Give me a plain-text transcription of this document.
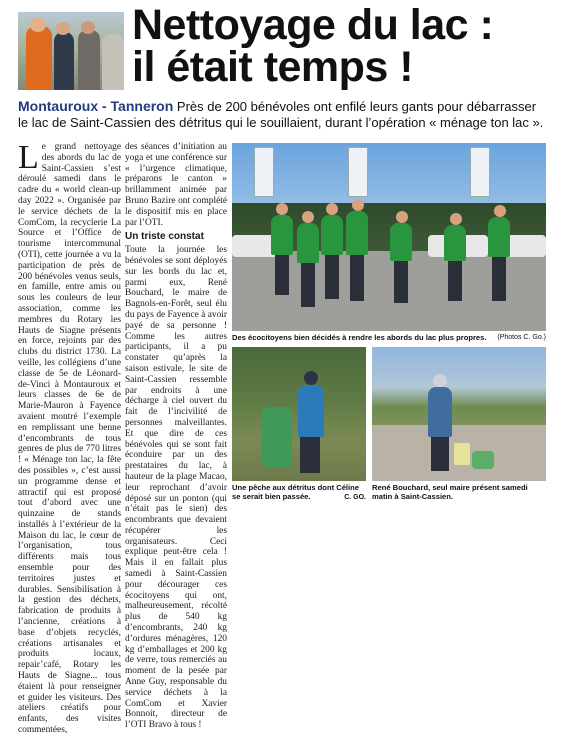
Nettoyage du lac :
il était temps !
Montauroux - Tanneron Près de 200 bénévoles ont enfilé leurs gants pour débarrasser le lac de Saint-Cassien des détritus qui le souillaient, durant l’opération « ménage ton lac ».
L e grand nettoyage des abords du lac de Saint-Cassien s’est déroulé samedi dans le cadre du « world clean-up day 2022 ». Organisée par le service déchets de la ComCom, la recyclerie La Source et l’Office de tourisme intercommunal (OTI), cette journée a vu la participation de près de 200 bénévoles venus seuls, en famille, entre amis ou sous les couleurs de leur association, comme les membres du Rotary les Hauts de Siagne présents en force, rejoints par des clubs du district 1730. La veille, les collégiens d’une classe de 5e de Léonard-de-Vinci à Montauroux et leurs classes de 6e de Marie-Mauron à Fayence avaient montré l’exemple en remplissant une benne d’encombrants de tous genres de plus de 770 litres ! « Ménage ton lac, la fête des possibles », c’est aussi un programme dense et attractif qui est proposé tout d’abord avec une quinzaine de stands installés à l’extérieur de la Maison du lac, le cœur de l’organisation, tous différents mais tous ensemble pour des territoires justes et durables. Sensibilisation à la gestion des déchets, fabrication de produits à l’ancienne, créations à base d’objets recyclés, créations artisanales et produits locaux, repair’café, Rotary les Hauts de Siagne... tous étaient là pour renseigner et guider les visiteurs. Des ateliers créatifs pour enfants, des visites commentées,

des séances d’initiation au yoga et une conférence sur « l’urgence climatique, préparons le canton » brillamment animée par Bruno Bazire ont complété le dispositif mis en place par l’OTI.

Un triste constat

Toute la journée les bénévoles se sont déployés sur les bords du lac et, parmi eux, René Bouchard, le maire de Bagnols-en-Forêt, seul élu du pays de Fayence à avoir payé de sa personne ! Comme les autres participants, il a pu constater qu’après la saison estivale, le site de Saint-Cassien ressemble par endroits à une décharge à ciel ouvert du fait de l’incivilité de personnes malveillantes. Et que dire de ces bénévoles qui se sont fait éconduire par un des prestataires du lac, à hauteur de la plage Macao, leur reprochant d’avoir déposé sur un ponton (qui n’était pas le sien) des encombrants que devaient récupérer les organisateurs. Ceci explique peut-être cela ! Mais il en fallait plus samedi à Saint-Cassien pour décourager ces écocitoyens qui ont, malheureusement, récolté plus de 540 kg d’encombrants, 240 kg d’ordures ménagères, 120 kg d’emballages et 200 kg de verre, tous remerciés au moment de la pesée par Anne Guy, responsable du service déchets à la ComCom et Xavier Bonnoit, directeur de l’OTI Bravo à tous !

Des écocitoyens bien décidés à rendre les abords du lac plus propres. (Photos C. Go.)
Une pêche aux détritus dont Céline se serait bien passée.	C. GO.
René Bouchard, seul maire présent samedi matin à Saint-Cassien.
